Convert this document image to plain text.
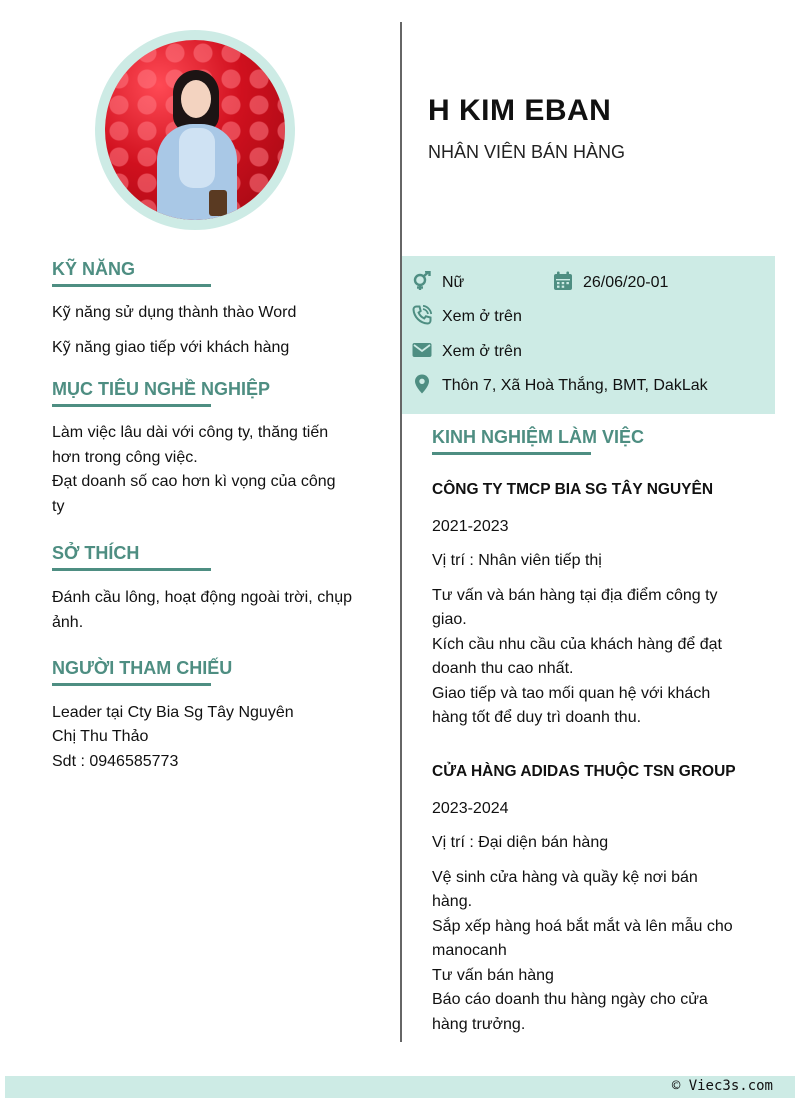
H KIM EBAN
NHÂN VIÊN BÁN HÀNG
KỸ NĂNG
Kỹ năng sử dụng thành thào Word
Kỹ năng giao tiếp với khách hàng
MỤC TIÊU NGHỀ NGHIỆP
Làm việc lâu dài với công ty, thăng tiến
hơn trong công việc.
Đạt doanh số cao hơn kì vọng của công
ty
SỞ THÍCH
Đánh cầu lông, hoạt động ngoài trời, chụp ảnh.
NGƯỜI THAM CHIẾU
Leader tại Cty Bia Sg Tây Nguyên
Chị Thu Thảo
Sdt : 0946585773
Nữ	26/06/20-01
Xem ở trên
Xem ở trên
Thôn 7, Xã Hoà Thắng, BMT, DakLak
KINH NGHIỆM LÀM VIỆC
CÔNG TY TMCP BIA SG TÂY NGUYÊN
2021-2023
Vị trí : Nhân viên tiếp thị
Tư vấn và bán hàng tại địa điểm công ty
giao.
Kích cầu nhu cầu của khách hàng để đạt
doanh thu cao nhất.
Giao tiếp và tao mối quan hệ với khách
hàng tốt để duy trì doanh thu.
CỬA HÀNG ADIDAS THUỘC TSN GROUP
2023-2024
Vị trí : Đại diện bán hàng
Vệ sinh cửa hàng và quầy kệ nơi bán
hàng.
Sắp xếp hàng hoá bắt mắt và lên mẫu cho
manocanh
Tư vấn bán hàng
Báo cáo doanh thu hàng ngày cho cửa
hàng trưởng.
© Viec3s.com
